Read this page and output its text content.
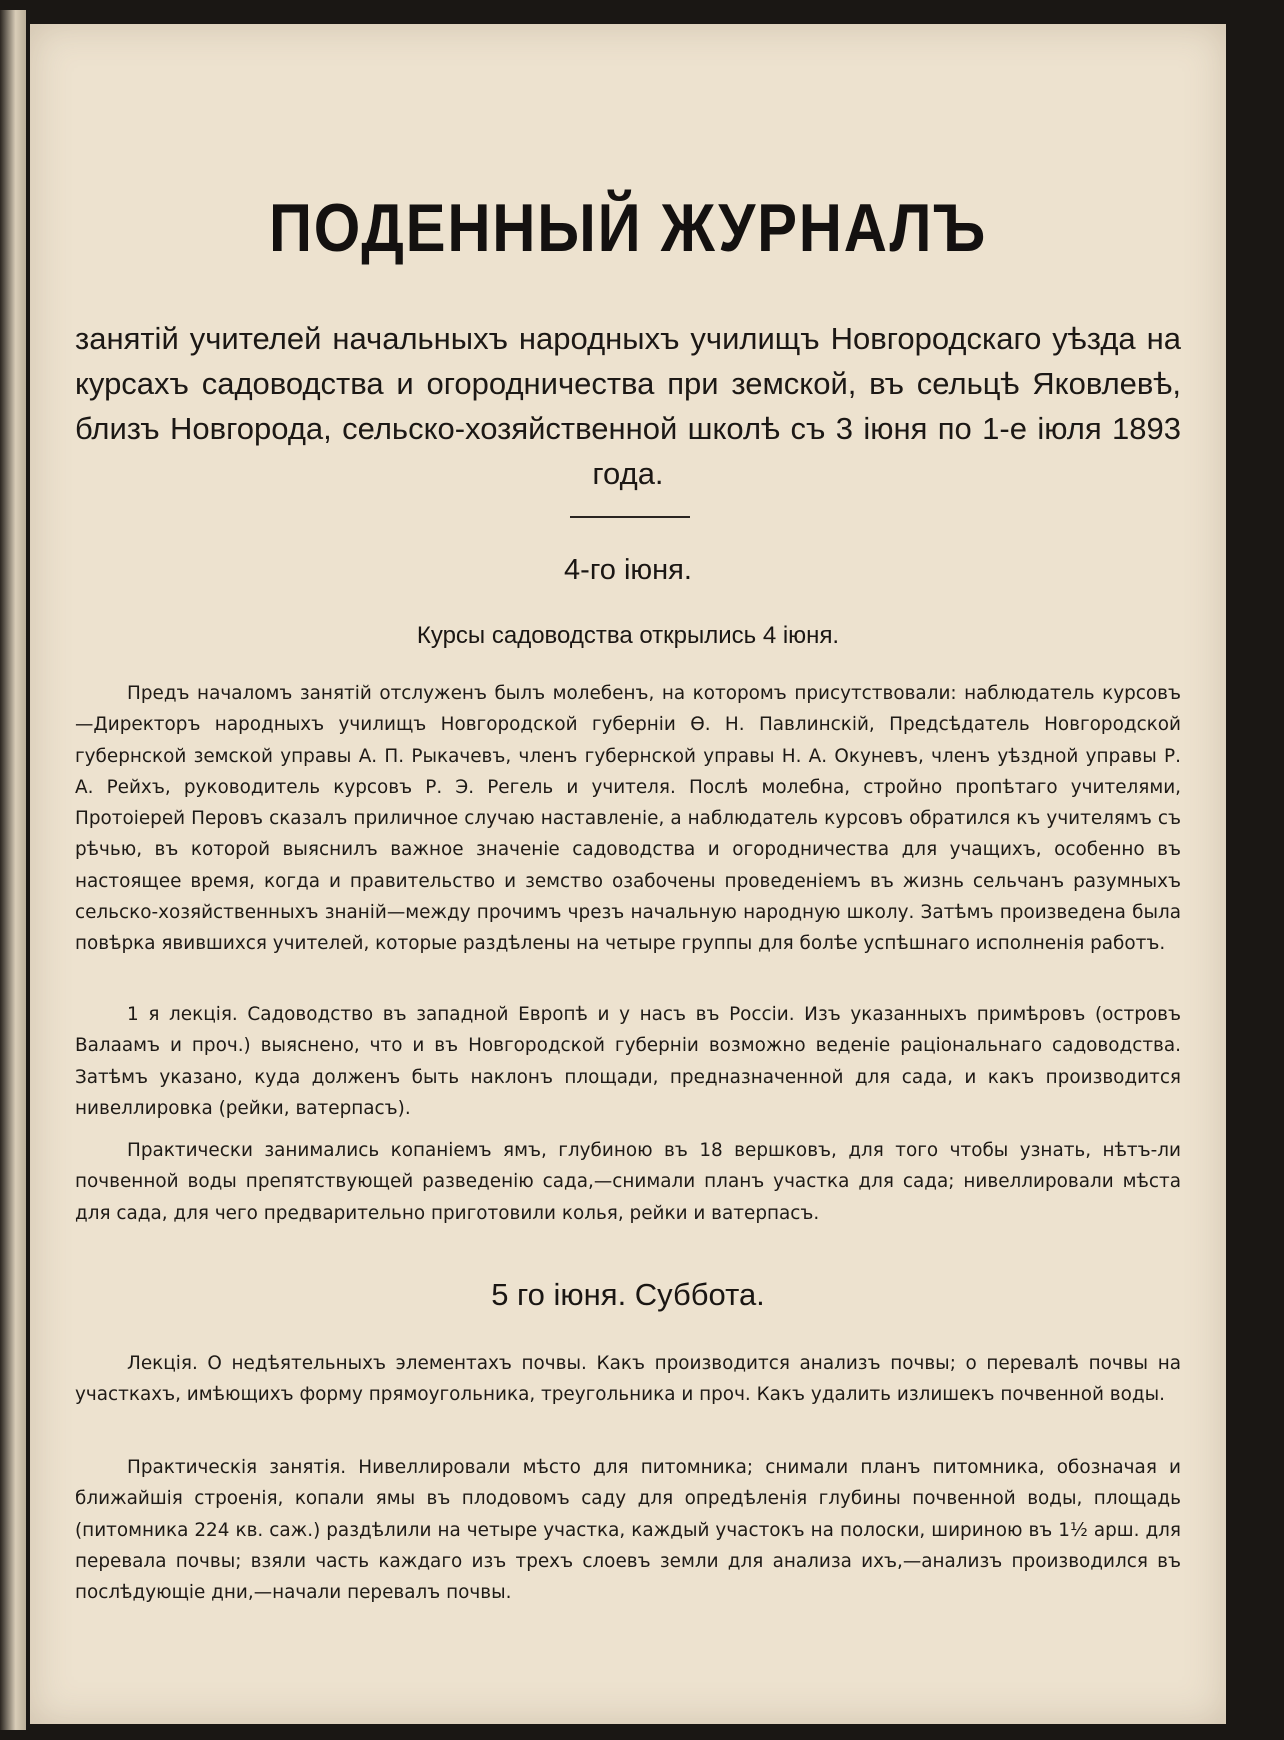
ПОДЕННЫЙ ЖУРНАЛЪ
занятій учителей начальныхъ народныхъ училищъ Новгородскаго уѣзда на курсахъ садоводства и огородничества при земской, въ сельцѣ Яковлевѣ, близъ Новгорода, сельско-хозяйственной школѣ съ 3 іюня по 1-е іюля 1893 года.
4-го іюня.
Курсы садоводства открылись 4 іюня.

Предъ началомъ занятій отслуженъ былъ молебенъ, на которомъ присутствовали: наблюдатель курсовъ—Директоръ народныхъ училищъ Новгородской губерніи Ѳ. Н. Павлинскій, Предсѣдатель Новгородской губернской земской управы А. П. Рыкачевъ, членъ губернской управы Н. А. Окуневъ, членъ уѣздной управы Р. А. Рейхъ, руководитель курсовъ Р. Э. Регель и учителя. Послѣ молебна, стройно пропѣтаго учителями, Протоіерей Перовъ сказалъ приличное случаю наставленіе, а наблюдатель курсовъ обратился къ учителямъ съ рѣчью, въ которой выяснилъ важное значеніе садоводства и огородничества для учащихъ, особенно въ настоящее время, когда и правительство и земство озабочены проведеніемъ въ жизнь сельчанъ разумныхъ сельско-хозяйственныхъ знаній—между прочимъ чрезъ начальную народную школу. Затѣмъ произведена была повѣрка явившихся учителей, которые раздѣлены на четыре группы для болѣе успѣшнаго исполненія работъ.

1 я лекція. Садоводство въ западной Европѣ и у насъ въ Россіи. Изъ указанныхъ примѣровъ (островъ Валаамъ и проч.) выяснено, что и въ Новгородской губерніи возможно веденіе раціональнаго садоводства. Затѣмъ указано, куда долженъ быть наклонъ площади, предназначенной для сада, и какъ производится нивеллировка (рейки, ватерпасъ).

Практически занимались копаніемъ ямъ, глубиною въ 18 вершковъ, для того чтобы узнать, нѣтъ-ли почвенной воды препятствующей разведенію сада,—снимали планъ участка для сада; нивеллировали мѣста для сада, для чего предварительно приготовили колья, рейки и ватерпасъ.

5 го іюня. Суббота.

Лекція. О недѣятельныхъ элементахъ почвы. Какъ производится анализъ почвы; о перевалѣ почвы на участкахъ, имѣющихъ форму прямоугольника, треугольника и проч. Какъ удалить излишекъ почвенной воды.

Практическія занятія. Нивеллировали мѣсто для питомника; снимали планъ питомника, обозначая и ближайшія строенія, копали ямы въ плодовомъ саду для опредѣленія глубины почвенной воды, площадь (питомника 224 кв. саж.) раздѣлили на четыре участка, каждый участокъ на полоски, шириною въ 1½ арш. для перевала почвы; взяли часть каждаго изъ трехъ слоевъ земли для анализа ихъ,—анализъ производился въ послѣдующіе дни,—начали перевалъ почвы.
